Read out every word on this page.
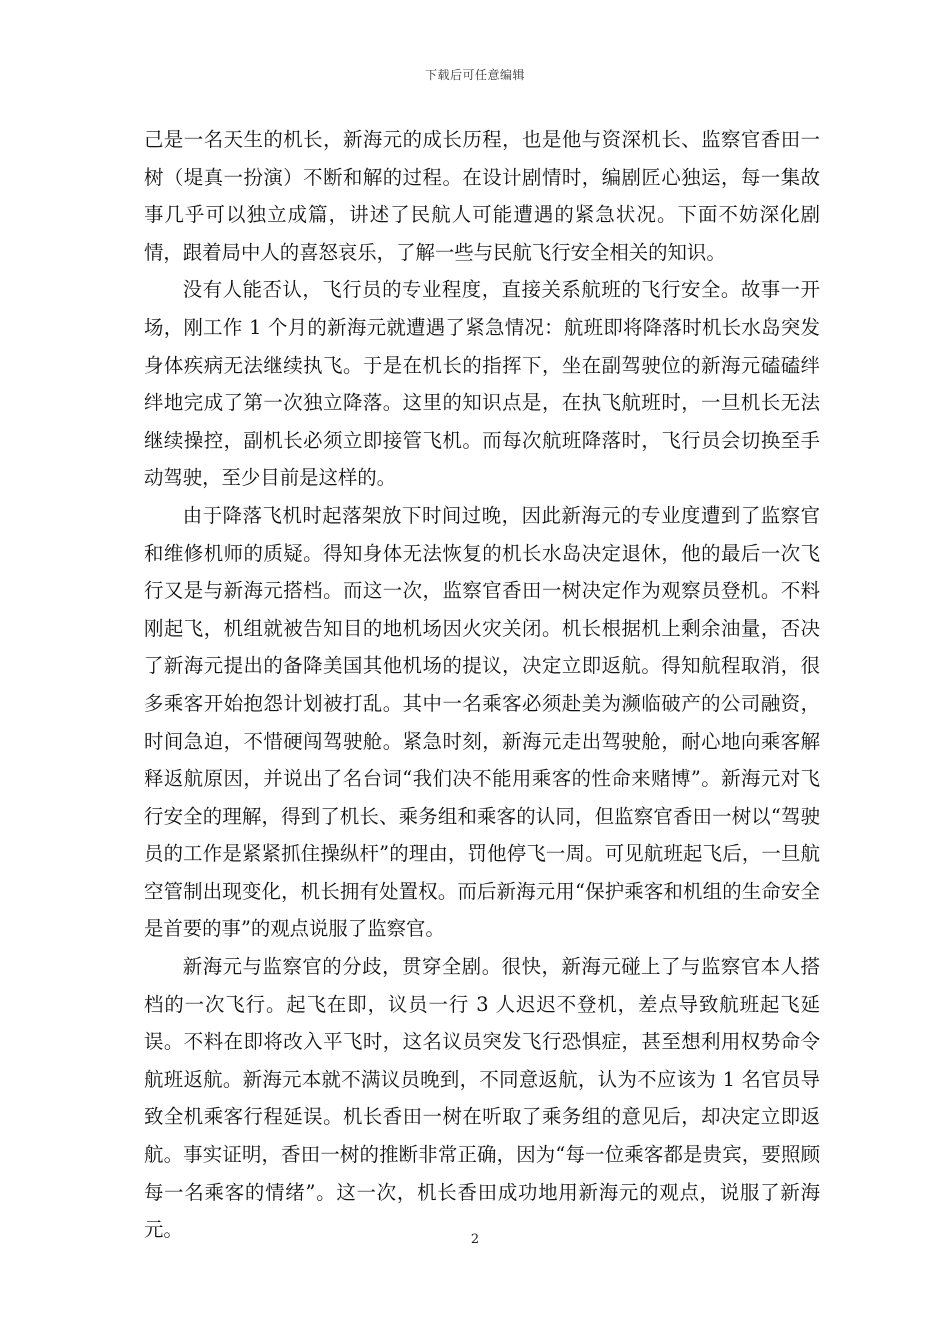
下载后可任意编辑

己是一名天生的机长，新海元的成长历程，也是他与资深机长、监察官香田一树（堤真一扮演）不断和解的过程。在设计剧情时，编剧匠心独运，每一集故事几乎可以独立成篇，讲述了民航人可能遭遇的紧急状况。下面不妨深化剧情，跟着局中人的喜怒哀乐，了解一些与民航飞行安全相关的知识。

没有人能否认，飞行员的专业程度，直接关系航班的飞行安全。故事一开场，刚工作 1 个月的新海元就遭遇了紧急情况：航班即将降落时机长水岛突发身体疾病无法继续执飞。于是在机长的指挥下，坐在副驾驶位的新海元磕磕绊绊地完成了第一次独立降落。这里的知识点是，在执飞航班时，一旦机长无法继续操控，副机长必须立即接管飞机。而每次航班降落时，飞行员会切换至手动驾驶，至少目前是这样的。

由于降落飞机时起落架放下时间过晚，因此新海元的专业度遭到了监察官和维修机师的质疑。得知身体无法恢复的机长水岛决定退休，他的最后一次飞行又是与新海元搭档。而这一次，监察官香田一树决定作为观察员登机。不料刚起飞，机组就被告知目的地机场因火灾关闭。机长根据机上剩余油量，否决了新海元提出的备降美国其他机场的提议，决定立即返航。得知航程取消，很多乘客开始抱怨计划被打乱。其中一名乘客必须赴美为濒临破产的公司融资，时间急迫，不惜硬闯驾驶舱。紧急时刻，新海元走出驾驶舱，耐心地向乘客解释返航原因，并说出了名台词“我们决不能用乘客的性命来赌博”。新海元对飞行安全的理解，得到了机长、乘务组和乘客的认同，但监察官香田一树以“驾驶员的工作是紧紧抓住操纵杆”的理由，罚他停飞一周。可见航班起飞后，一旦航空管制出现变化，机长拥有处置权。而后新海元用“保护乘客和机组的生命安全是首要的事”的观点说服了监察官。

新海元与监察官的分歧，贯穿全剧。很快，新海元碰上了与监察官本人搭档的一次飞行。起飞在即，议员一行 3 人迟迟不登机，差点导致航班起飞延误。不料在即将改入平飞时，这名议员突发飞行恐惧症，甚至想利用权势命令航班返航。新海元本就不满议员晚到，不同意返航，认为不应该为 1 名官员导致全机乘客行程延误。机长香田一树在听取了乘务组的意见后，却决定立即返航。事实证明，香田一树的推断非常正确，因为“每一位乘客都是贵宾，要照顾每一名乘客的情绪”。这一次，机长香田成功地用新海元的观点，说服了新海元。	2
